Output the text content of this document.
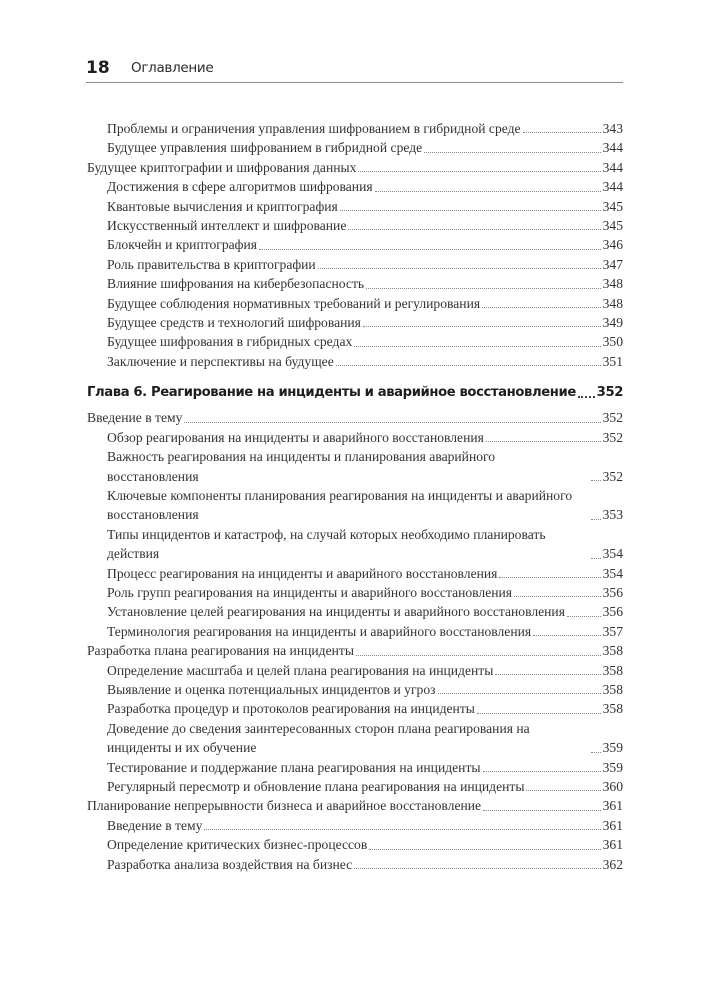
18 Оглавление
Проблемы и ограничения управления шифрованием в гибридной среде	343
Будущее управления шифрованием в гибридной среде	344
Будущее криптографии и шифрования данных	344
Достижения в сфере алгоритмов шифрования	344
Квантовые вычисления и криптография	345
Искусственный интеллект и шифрование	345
Блокчейн и криптография	346
Роль правительства в криптографии	347
Влияние шифрования на кибербезопасность	348
Будущее соблюдения нормативных требований и регулирования	348
Будущее средств и технологий шифрования	349
Будущее шифрования в гибридных средах	350
Заключение и перспективы на будущее	351
Глава 6. Реагирование на инциденты и аварийное восстановление 352
Введение в тему	352
Обзор реагирования на инциденты и аварийного восстановления	352
Важность реагирования на инциденты и планирования аварийного восстановления	352
Ключевые компоненты планирования реагирования на инциденты и аварийного восстановления	353
Типы инцидентов и катастроф, на случай которых необходимо планировать действия	354
Процесс реагирования на инциденты и аварийного восстановления	354
Роль групп реагирования на инциденты и аварийного восстановления	356
Установление целей реагирования на инциденты и аварийного восстановления	356
Терминология реагирования на инциденты и аварийного восстановления	357
Разработка плана реагирования на инциденты	358
Определение масштаба и целей плана реагирования на инциденты	358
Выявление и оценка потенциальных инцидентов и угроз	358
Разработка процедур и протоколов реагирования на инциденты	358
Доведение до сведения заинтересованных сторон плана реагирования на инциденты и их обучение	359
Тестирование и поддержание плана реагирования на инциденты	359
Регулярный пересмотр и обновление плана реагирования на инциденты	360
Планирование непрерывности бизнеса и аварийное восстановление	361
Введение в тему	361
Определение критических бизнес-процессов	361
Разработка анализа воздействия на бизнес	362
